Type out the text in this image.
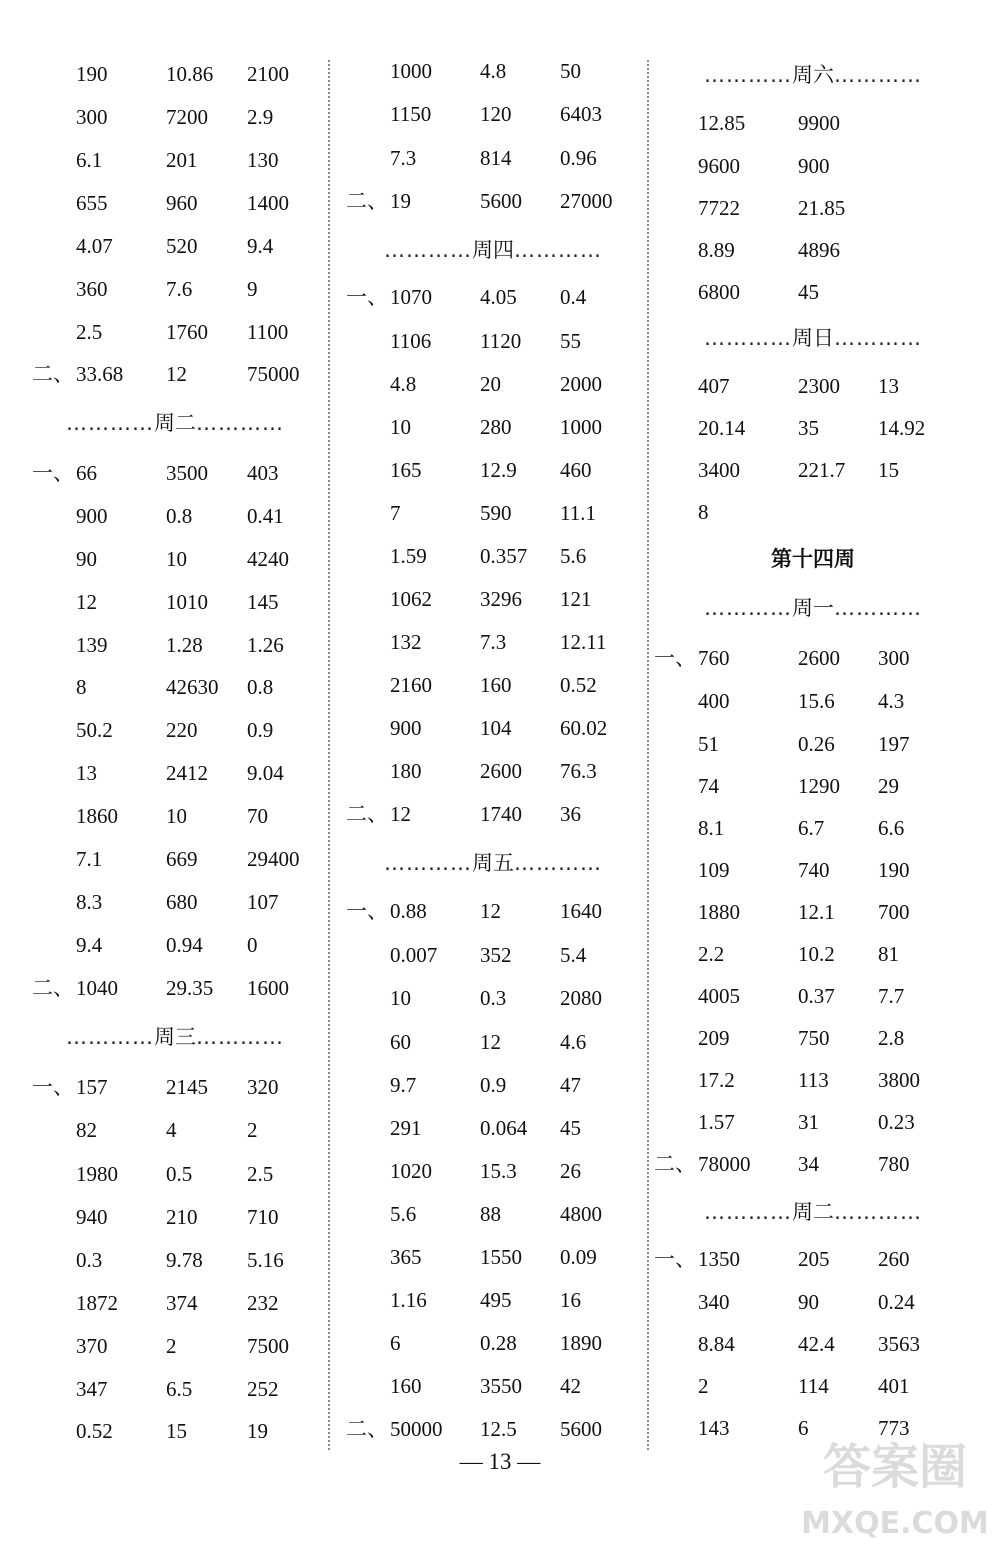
190	10.86 2100
300	7200 2.9
6.1	201 130
655	960 1400
4.07	520 9.4
360	7.6	9
2.5	1760 1100
二、 33.68 12	75000
…………周二…………
一、 66	3500 403
900	0.8	0.41
90	10	4240
12	1010 145
139	1.28 1.26
8	42630 0.8
50.2	220 0.9
13	2412 9.04
1860 10	70
7.1	669 29400
8.3	680 107
9.4	0.94 0
二、 1040 29.35 1600
…………周三…………
一、 157	2145 320
82	4	2
1980 0.5	2.5
940	210 710
0.3	9.78 5.16
1872 374 232
370	2	7500
347	6.5	252
0.52	15	19
1000 4.8	50
1150 120 6403
7.3	814 0.96
二、 19	5600 27000
…………周四…………
一、 1070 4.05 0.4
1106 1120 55
4.8	20	2000
10	280 1000
165	12.9 460
7	590 11.1
1.59	0.357 5.6
1062 3296 121
132	7.3	12.11
2160 160 0.52
900	104 60.02
180	2600 76.3
二、 12	1740 36
…………周五…………
一、 0.88	12	1640
0.007 352 5.4
10	0.3	2080
60	12	4.6
9.7	0.9	47
291	0.064 45
1020 15.3 26
5.6	88	4800
365	1550 0.09
1.16	495 16
6	0.28 1890
160	3550 42
二、 50000 12.5 5600
…………周六…………
12.85	9900
9600	900
7722	21.85
8.89	4896
6800	45
…………周日…………
407	2300 13
20.14	35	14.92
3400	221.7 15
8
第十四周
…………周一…………
一、 760	2600 300
400	15.6 4.3
51	0.26 197
74	1290 29
8.1	6.7	6.6
109	740 190
1880	12.1 700
2.2	10.2 81
4005	0.37 7.7
209	750 2.8
17.2	113 3800
1.57	31	0.23
二、 78000 34	780
…………周二…………
一、 1350	205 260
340	90	0.24
8.84	42.4 3563
2	114 401
143	6	773
— 13 —	答案圈
MXQE.COM
